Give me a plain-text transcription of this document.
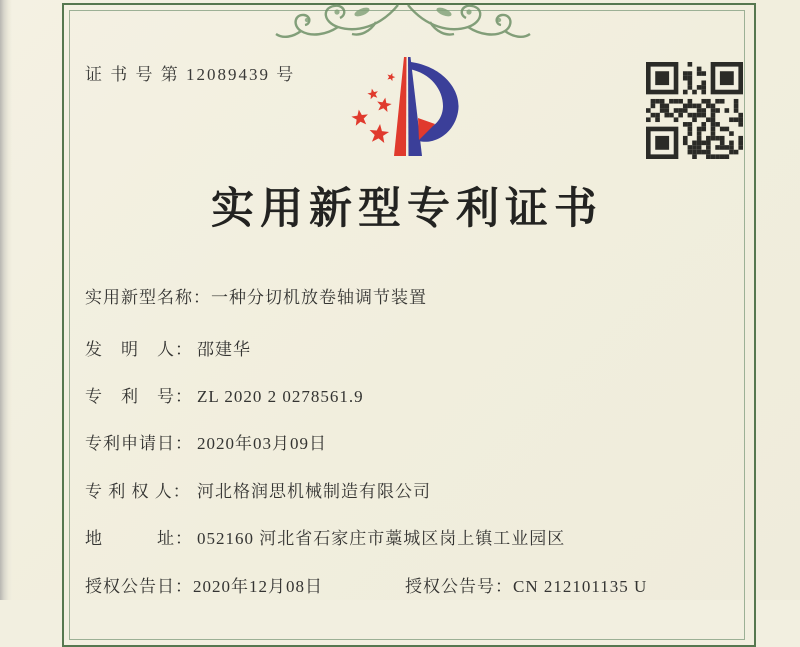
证 书 号 第 12089439 号
实用新型专利证书
实用新型名称：一种分切机放卷轴调节装置
发　明　人： 邵建华
专　利　号： ZL 2020 2 0278561.9
专利申请日： 2020年03月09日
专 利 权 人： 河北格润思机械制造有限公司
地　　　址： 052160 河北省石家庄市藁城区岗上镇工业园区
授权公告日：2020年12月08日	授权公告号：CN 212101135 U
